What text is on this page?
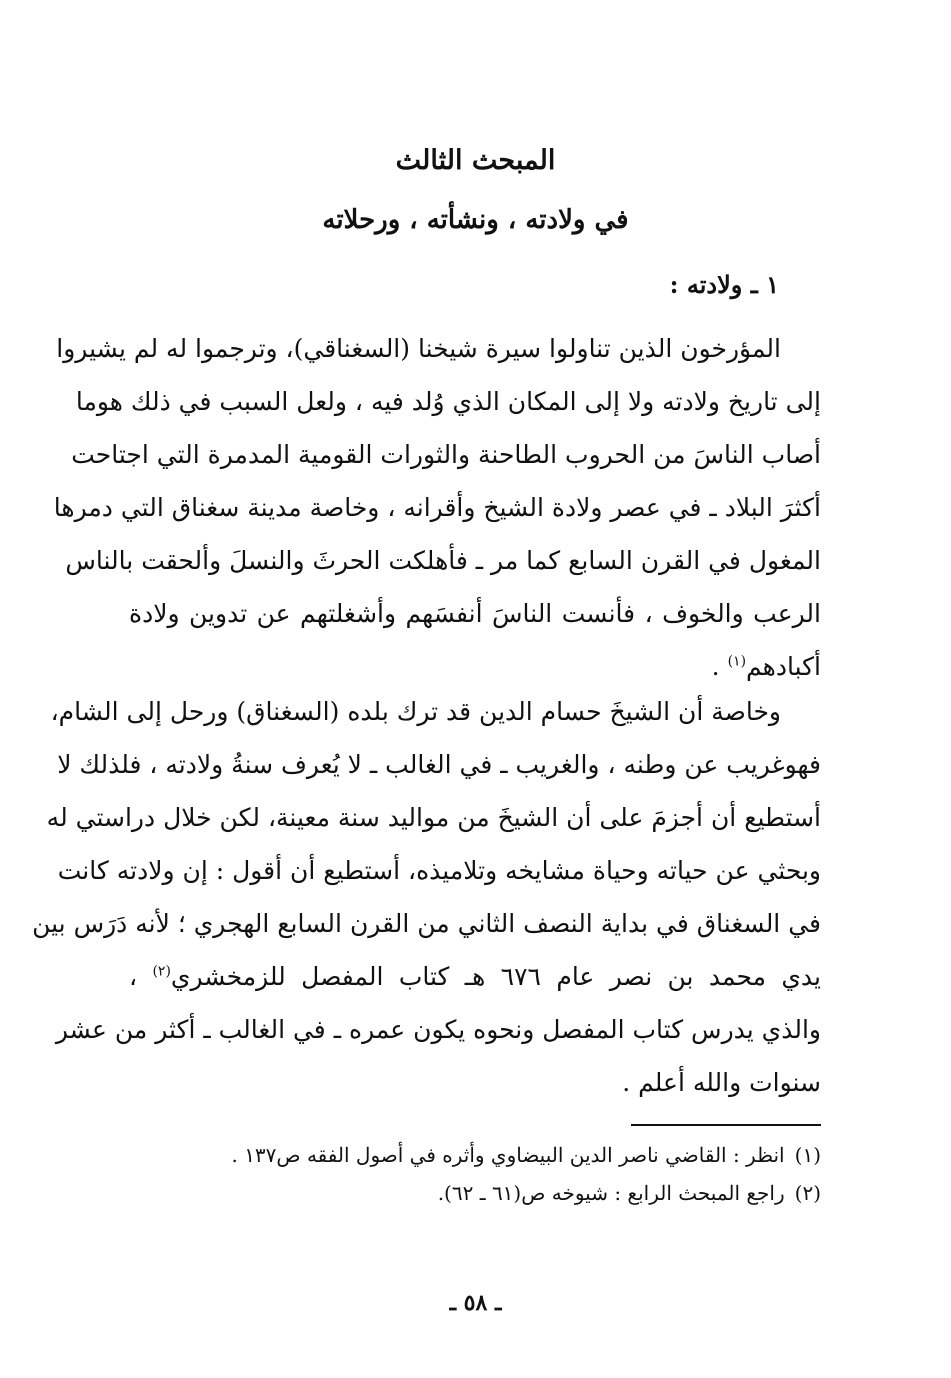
المبحث الثالث
في ولادته ، ونشأته ، ورحلاته
١ ـ ولادته :
المؤرخون الذين تناولوا سيرة شيخنا (السغناقي)، وترجموا له لم يشيروا
إلى تاريخ ولادته ولا إلى المكان الذي وُلد فيه ، ولعل السبب في ذلك هوما
أصاب الناسَ من الحروب الطاحنة والثورات القومية المدمرة التي اجتاحت
أكثرَ البلاد ـ في عصر ولادة الشيخ وأقرانه ، وخاصة مدينة سغناق التي دمرها
المغول في القرن السابع كما مر ـ فأهلكت الحرثَ والنسلَ وألحقت بالناس
الرعب والخوف ، فأنست الناسَ أنفسَهم وأشغلتهم عن تدوين ولادة
أكبادهم$^{(١)}$ .
وخاصة أن الشيخَ حسام الدين قد ترك بلده (السغناق) ورحل إلى الشام،
فهوغريب عن وطنه ، والغريب ـ في الغالب ـ لا يُعرف سنةُ ولادته ، فلذلك لا
أستطيع أن أجزمَ على أن الشيخَ من مواليد سنة معينة، لكن خلال دراستي له
وبحثي عن حياته وحياة مشايخه وتلاميذه، أستطيع أن أقول : إن ولادته كانت
في السغناق في بداية النصف الثاني من القرن السابع الهجري ؛ لأنه دَرَس بين
يدي محمد بن نصر عام ٦٧٦ هـ كتاب المفصل للزمخشري$^{(٢)}$ ،
والذي يدرس كتاب المفصل ونحوه يكون عمره ـ في الغالب ـ أكثر من عشر
سنوات والله أعلم .
(١)انظر : القاضي ناصر الدين البيضاوي وأثره في أصول الفقه ص١٣٧ .
(٢)راجع المبحث الرابع : شيوخه ص(٦١ ـ ٦٢).
ـ ٥٨ ـ
